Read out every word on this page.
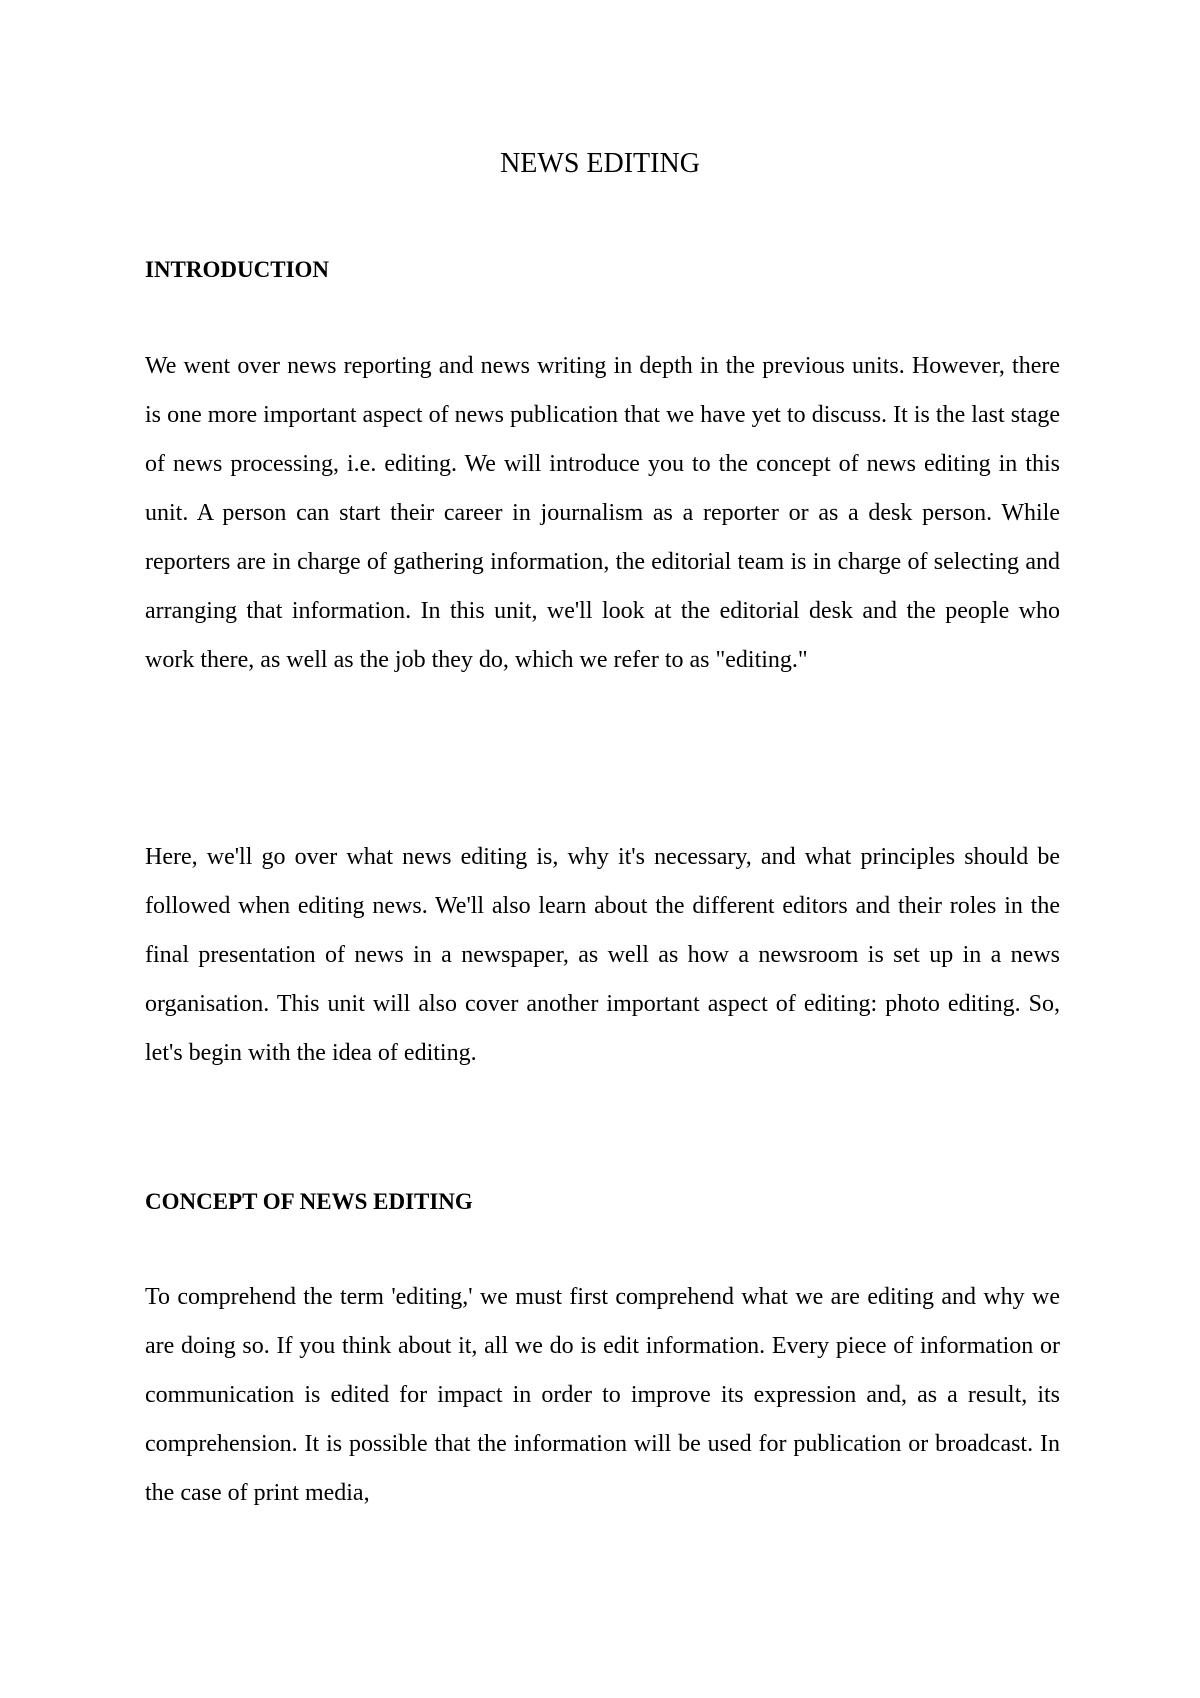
NEWS EDITING
INTRODUCTION

We went over news reporting and news writing in depth in the previous units. However, there is one more important aspect of news publication that we have yet to discuss. It is the last stage of news processing, i.e. editing. We will introduce you to the concept of news editing in this unit. A person can start their career in journalism as a reporter or as a desk person. While reporters are in charge of gathering information, the editorial team is in charge of selecting and arranging that information. In this unit, we'll look at the editorial desk and the people who work there, as well as the job they do, which we refer to as "editing."

Here, we'll go over what news editing is, why it's necessary, and what principles should be followed when editing news. We'll also learn about the different editors and their roles in the final presentation of news in a newspaper, as well as how a newsroom is set up in a news organisation. This unit will also cover another important aspect of editing: photo editing. So, let's begin with the idea of editing.

CONCEPT OF NEWS EDITING

To comprehend the term 'editing,' we must first comprehend what we are editing and why we are doing so. If you think about it, all we do is edit information. Every piece of information or communication is edited for impact in order to improve its expression and, as a result, its comprehension. It is possible that the information will be used for publication or broadcast. In the case of print media,
